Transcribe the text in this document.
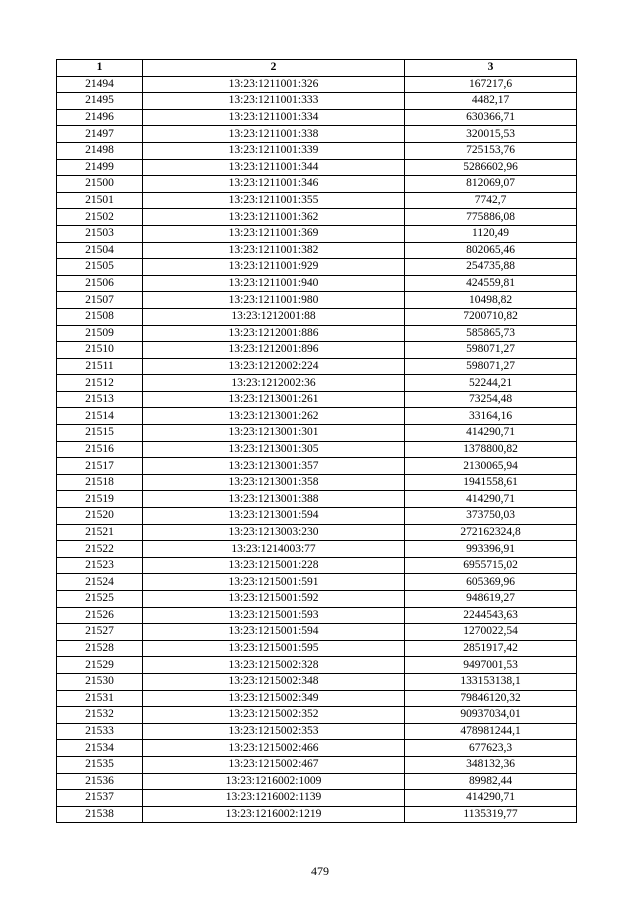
1	2	3
21494	13:23:1211001:326	167217,6
21495	13:23:1211001:333	4482,17
21496	13:23:1211001:334	630366,71
21497	13:23:1211001:338	320015,53
21498	13:23:1211001:339	725153,76
21499	13:23:1211001:344	5286602,96
21500	13:23:1211001:346	812069,07
21501	13:23:1211001:355	7742,7
21502	13:23:1211001:362	775886,08
21503	13:23:1211001:369	1120,49
21504	13:23:1211001:382	802065,46
21505	13:23:1211001:929	254735,88
21506	13:23:1211001:940	424559,81
21507	13:23:1211001:980	10498,82
21508	13:23:1212001:88	7200710,82
21509	13:23:1212001:886	585865,73
21510	13:23:1212001:896	598071,27
21511	13:23:1212002:224	598071,27
21512	13:23:1212002:36	52244,21
21513	13:23:1213001:261	73254,48
21514	13:23:1213001:262	33164,16
21515	13:23:1213001:301	414290,71
21516	13:23:1213001:305	1378800,82
21517	13:23:1213001:357	2130065,94
21518	13:23:1213001:358	1941558,61
21519	13:23:1213001:388	414290,71
21520	13:23:1213001:594	373750,03
21521	13:23:1213003:230	272162324,8
21522	13:23:1214003:77	993396,91
21523	13:23:1215001:228	6955715,02
21524	13:23:1215001:591	605369,96
21525	13:23:1215001:592	948619,27
21526	13:23:1215001:593	2244543,63
21527	13:23:1215001:594	1270022,54
21528	13:23:1215001:595	2851917,42
21529	13:23:1215002:328	9497001,53
21530	13:23:1215002:348	133153138,1
21531	13:23:1215002:349	79846120,32
21532	13:23:1215002:352	90937034,01
21533	13:23:1215002:353	478981244,1
21534	13:23:1215002:466	677623,3
21535	13:23:1215002:467	348132,36
21536	13:23:1216002:1009	89982,44
21537	13:23:1216002:1139	414290,71
21538	13:23:1216002:1219	1135319,77
479
